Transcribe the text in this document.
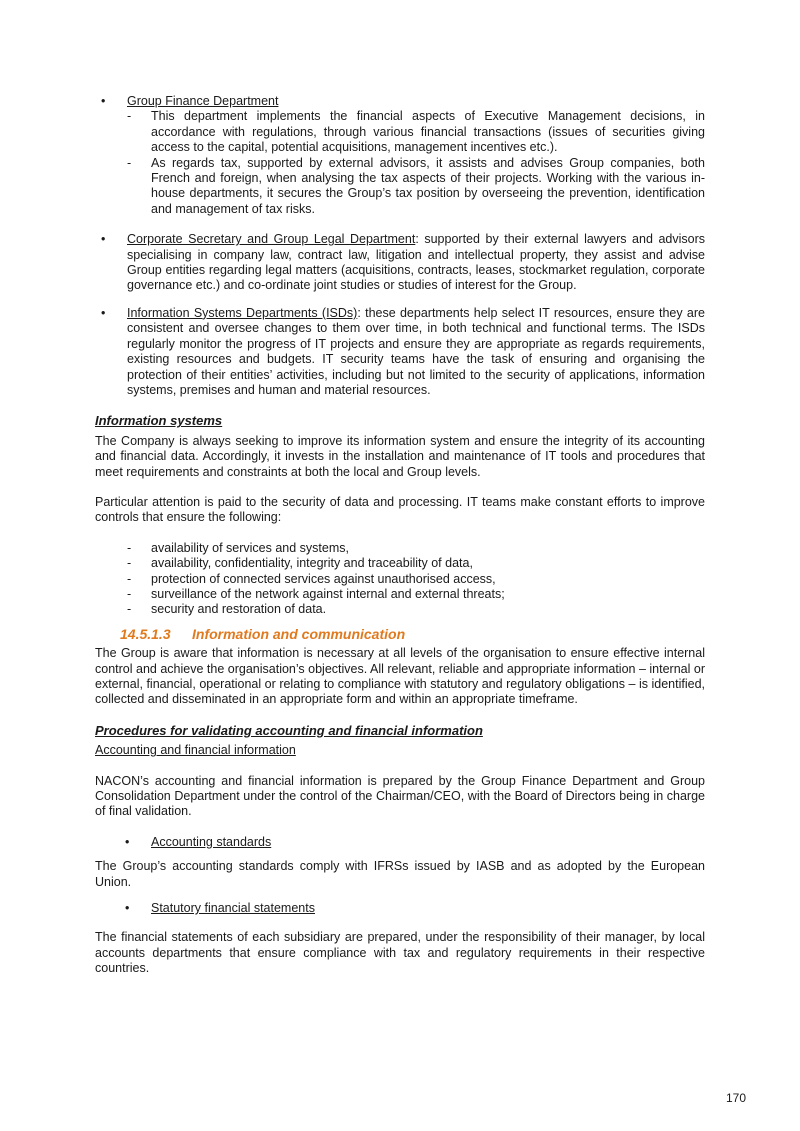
• Group Finance Department

- This department implements the financial aspects of Executive Management decisions, in accordance with regulations, through various financial transactions (issues of securities giving access to the capital, potential acquisitions, management incentives etc.).
- As regards tax, supported by external advisors, it assists and advises Group companies, both French and foreign, when analysing the tax aspects of their projects. Working with the various in-house departments, it secures the Group’s tax position by overseeing the prevention, identification and management of tax risks.
• Corporate Secretary and Group Legal Department: supported by their external lawyers and advisors specialising in company law, contract law, litigation and intellectual property, they assist and advise Group entities regarding legal matters (acquisitions, contracts, leases, stockmarket regulation, corporate governance etc.) and co-ordinate joint studies or studies of interest for the Group.

• Information Systems Departments (ISDs): these departments help select IT resources, ensure they are consistent and oversee changes to them over time, in both technical and functional terms. The ISDs regularly monitor the progress of IT projects and ensure they are appropriate as regards requirements, existing resources and budgets. IT security teams have the task of ensuring and organising the protection of their entities’ activities, including but not limited to the security of applications, information systems, premises and human and material resources.

Information systems

The Company is always seeking to improve its information system and ensure the integrity of its accounting and financial data. Accordingly, it invests in the installation and maintenance of IT tools and procedures that meet requirements and constraints at both the local and Group levels.

Particular attention is paid to the security of data and processing. IT teams make constant efforts to improve controls that ensure the following:

- availability of services and systems,
- availability, confidentiality, integrity and traceability of data,
- protection of connected services against unauthorised access,
- surveillance of the network against internal and external threats;
- security and restoration of data.

14.5.1.3 Information and communication

The Group is aware that information is necessary at all levels of the organisation to ensure effective internal control and achieve the organisation’s objectives. All relevant, reliable and appropriate information – internal or external, financial, operational or relating to compliance with statutory and regulatory obligations – is identified, collected and disseminated in an appropriate form and within an appropriate timeframe.

Procedures for validating accounting and financial information

Accounting and financial information

NACON’s accounting and financial information is prepared by the Group Finance Department and Group Consolidation Department under the control of the Chairman/CEO, with the Board of Directors being in charge of final validation.

• Accounting standards

The Group’s accounting standards comply with IFRSs issued by IASB and as adopted by the European Union.

• Statutory financial statements

The financial statements of each subsidiary are prepared, under the responsibility of their manager, by local accounts departments that ensure compliance with tax and regulatory requirements in their respective countries.

170
